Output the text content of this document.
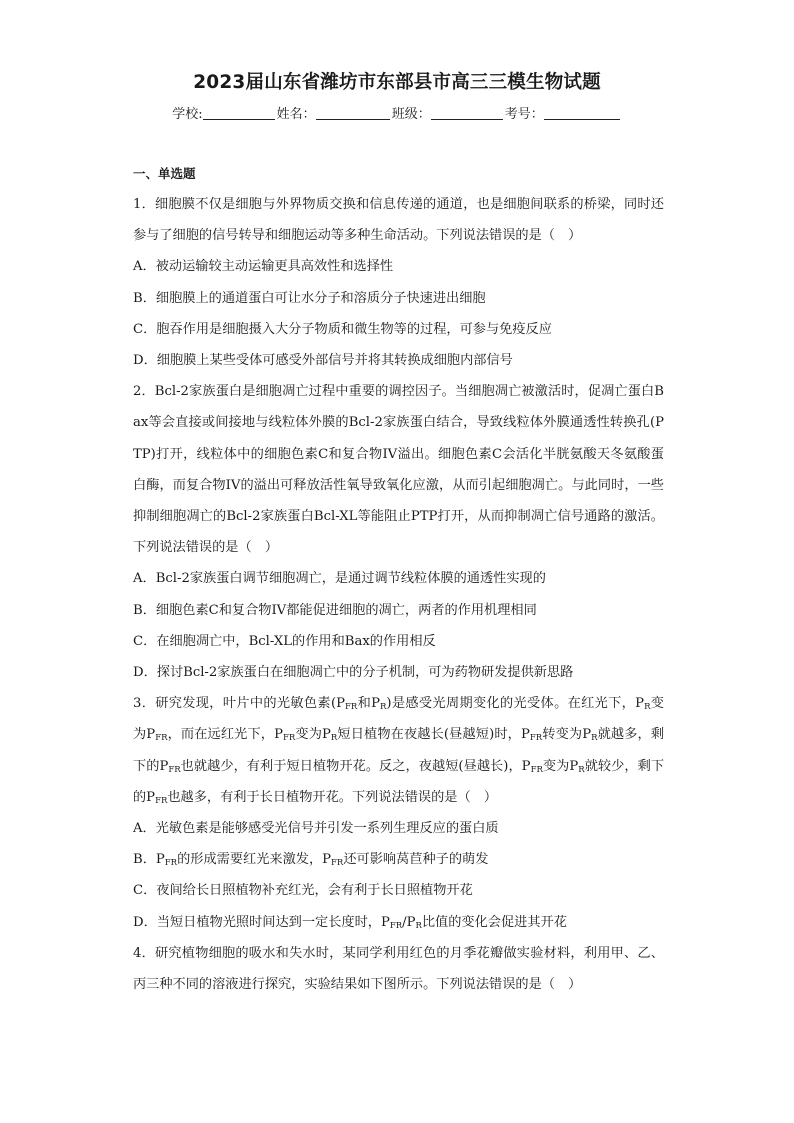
2023届山东省潍坊市东部县市高三三模生物试题
学校:	姓名：	班级：	考号：
一、单选题
1．细胞膜不仅是细胞与外界物质交换和信息传递的通道，也是细胞间联系的桥梁，同时还参与了细胞的信号转导和细胞运动等多种生命活动。下列说法错误的是（　）
A．被动运输较主动运输更具高效性和选择性
B．细胞膜上的通道蛋白可让水分子和溶质分子快速进出细胞
C．胞吞作用是细胞摄入大分子物质和微生物等的过程，可参与免疫反应
D．细胞膜上某些受体可感受外部信号并将其转换成细胞内部信号
2．Bcl-2家族蛋白是细胞凋亡过程中重要的调控因子。当细胞凋亡被激活时，促凋亡蛋白Bax等会直接或间接地与线粒体外膜的Bcl-2家族蛋白结合，导致线粒体外膜通透性转换孔(PTP)打开，线粒体中的细胞色素C和复合物IV溢出。细胞色素C会活化半胱氨酸天冬氨酸蛋白酶，而复合物IV的溢出可释放活性氧导致氧化应激，从而引起细胞凋亡。与此同时，一些抑制细胞凋亡的Bcl-2家族蛋白Bcl-XL等能阻止PTP打开，从而抑制凋亡信号通路的激活。下列说法错误的是（　）
A．Bcl-2家族蛋白调节细胞凋亡，是通过调节线粒体膜的通透性实现的
B．细胞色素C和复合物IV都能促进细胞的凋亡，两者的作用机理相同
C．在细胞凋亡中，Bcl-XL的作用和Bax的作用相反
D．探讨Bcl-2家族蛋白在细胞凋亡中的分子机制，可为药物研发提供新思路
3．研究发现，叶片中的光敏色素($P_{FR}$和$P_R$)是感受光周期变化的光受体。在红光下，$P_R$变为$P_{FR}$，而在远红光下，$P_{FR}$变为$P_R$短日植物在夜越长(昼越短)时，$P_{FR}$转变为$P_R$就越多，剩下的$P_{FR}$也就越少，有利于短日植物开花。反之，夜越短(昼越长)，$P_{FR}$变为$P_R$就较少，剩下的$P_{FR}$也越多，有利于长日植物开花。下列说法错误的是（　）
A．光敏色素是能够感受光信号并引发一系列生理反应的蛋白质
B．$P_{FR}$的形成需要红光来激发，$P_{FR}$还可影响莴苣种子的萌发
C．夜间给长日照植物补充红光，会有利于长日照植物开花
D．当短日植物光照时间达到一定长度时，$P_{FR}/P_R$比值的变化会促进其开花
4．研究植物细胞的吸水和失水时，某同学利用红色的月季花瓣做实验材料，利用甲、乙、丙三种不同的溶液进行探究，实验结果如下图所示。下列说法错误的是（　）
